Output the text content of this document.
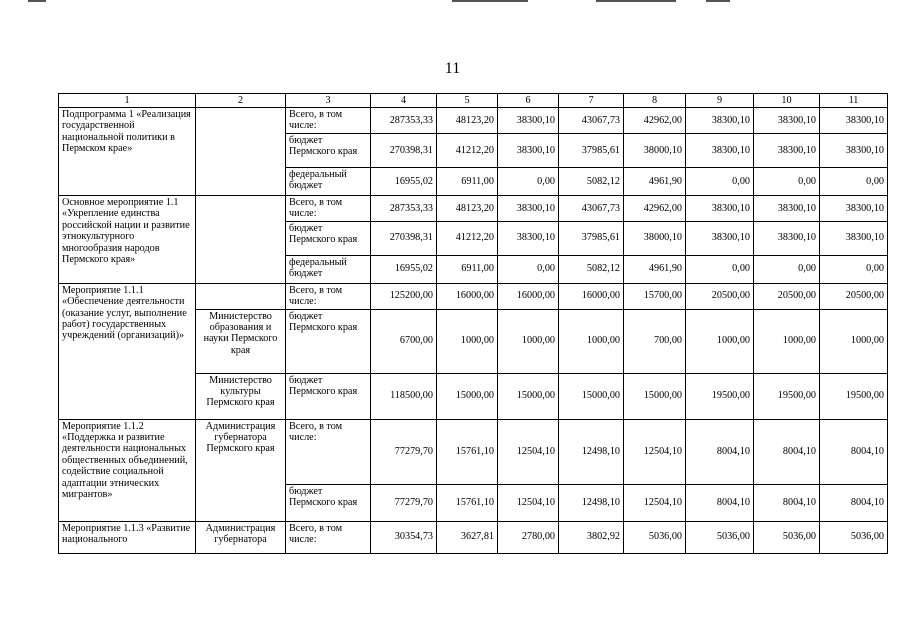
11
1	2	3	4	5	6	7	8	9	10	11
Подпрограмма 1 «Реализация государственной национальной политики в Пермском крае»		Всего, в том числе:	287353,33	48123,20	38300,10	43067,73	42962,00	38300,10	38300,10	38300,10
		бюджет Пермского края	270398,31	41212,20	38300,10	37985,61	38000,10	38300,10	38300,10	38300,10
		федеральный бюджет	16955,02	6911,00	0,00	5082,12	4961,90	0,00	0,00	0,00
Основное мероприятие 1.1 «Укрепление единства российской нации и развитие этнокультурного многообразия народов Пермского края»		Всего, в том числе:	287353,33	48123,20	38300,10	43067,73	42962,00	38300,10	38300,10	38300,10
		бюджет Пермского края	270398,31	41212,20	38300,10	37985,61	38000,10	38300,10	38300,10	38300,10
		федеральный бюджет	16955,02	6911,00	0,00	5082,12	4961,90	0,00	0,00	0,00
Мероприятие 1.1.1 «Обеспечение деятельности (оказание услуг, выполнение работ) государственных учреждений (организаций)»		Всего, в том числе:	125200,00	16000,00	16000,00	16000,00	15700,00	20500,00	20500,00	20500,00
	Министерство образования и науки Пермского края	бюджет Пермского края	6700,00	1000,00	1000,00	1000,00	700,00	1000,00	1000,00	1000,00
	Министерство культуры Пермского края	бюджет Пермского края	118500,00	15000,00	15000,00	15000,00	15000,00	19500,00	19500,00	19500,00
Мероприятие 1.1.2 «Поддержка и развитие деятельности национальных общественных объединений, содействие социальной адаптации этнических мигрантов»	Администрация губернатора Пермского края	Всего, в том числе:	77279,70	15761,10	12504,10	12498,10	12504,10	8004,10	8004,10	8004,10
		бюджет Пермского края	77279,70	15761,10	12504,10	12498,10	12504,10	8004,10	8004,10	8004,10
Мероприятие 1.1.3 «Развитие национального	Администрация губернатора	Всего, в том числе:	30354,73	3627,81	2780,00	3802,92	5036,00	5036,00	5036,00	5036,00
